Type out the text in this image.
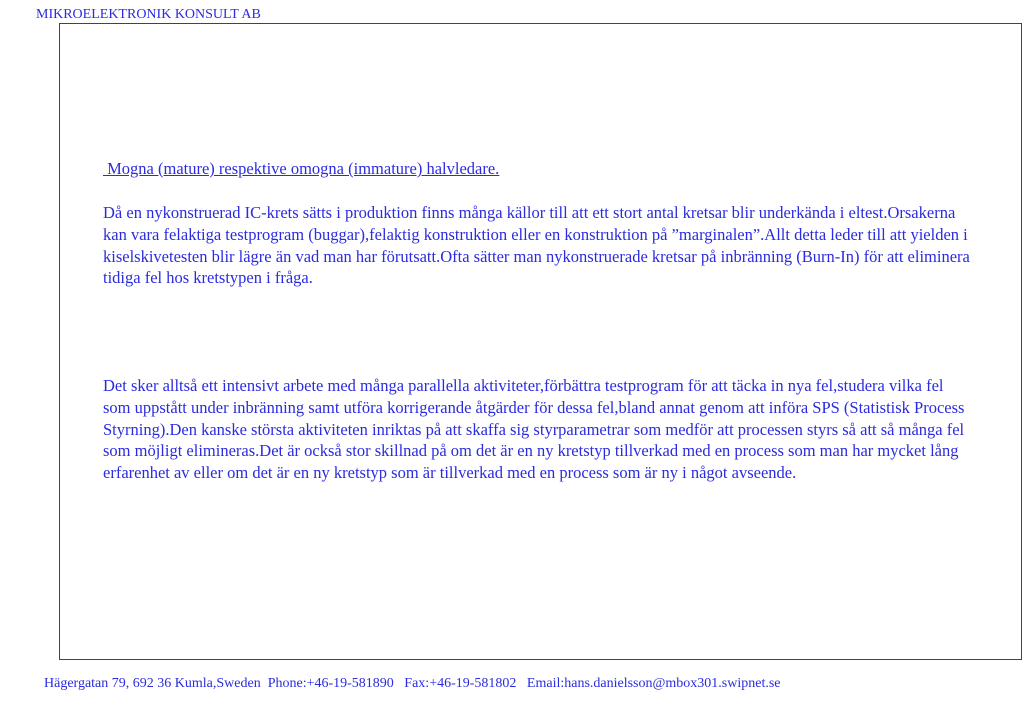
MIKROELEKTRONIK KONSULT AB
Mogna (mature) respektive omogna (immature) halvledare.

Då en nykonstruerad IC-krets sätts i produktion finns många källor till att ett stort antal kretsar blir underkända i eltest.Orsakerna kan vara felaktiga testprogram (buggar),felaktig konstruktion eller en konstruktion på ”marginalen”.Allt detta leder till att yielden i kiselskivetesten blir lägre än vad man har förutsatt.Ofta sätter man nykonstruerade kretsar på inbränning (Burn-In) för att eliminera tidiga fel hos kretstypen i fråga.

Det sker alltså ett intensivt arbete med många parallella aktiviteter,förbättra testprogram för att täcka in nya fel,studera vilka fel som uppstått under inbränning samt utföra korrigerande åtgärder för dessa fel,bland annat genom att införa SPS (Statistisk Process Styrning).Den kanske största aktiviteten inriktas på att skaffa sig styrparametrar som medför att processen styrs så att så många fel som möjligt elimineras.Det är också stor skillnad på om det är en ny kretstyp tillverkad med en process som man har mycket lång erfarenhet av eller om det är en ny kretstyp som är tillverkad med en process som är ny i något avseende.

Hägergatan 79, 692 36 Kumla,Sweden  Phone:+46-19-581890   Fax:+46-19-581802   Email:hans.danielsson@mbox301.swipnet.se
